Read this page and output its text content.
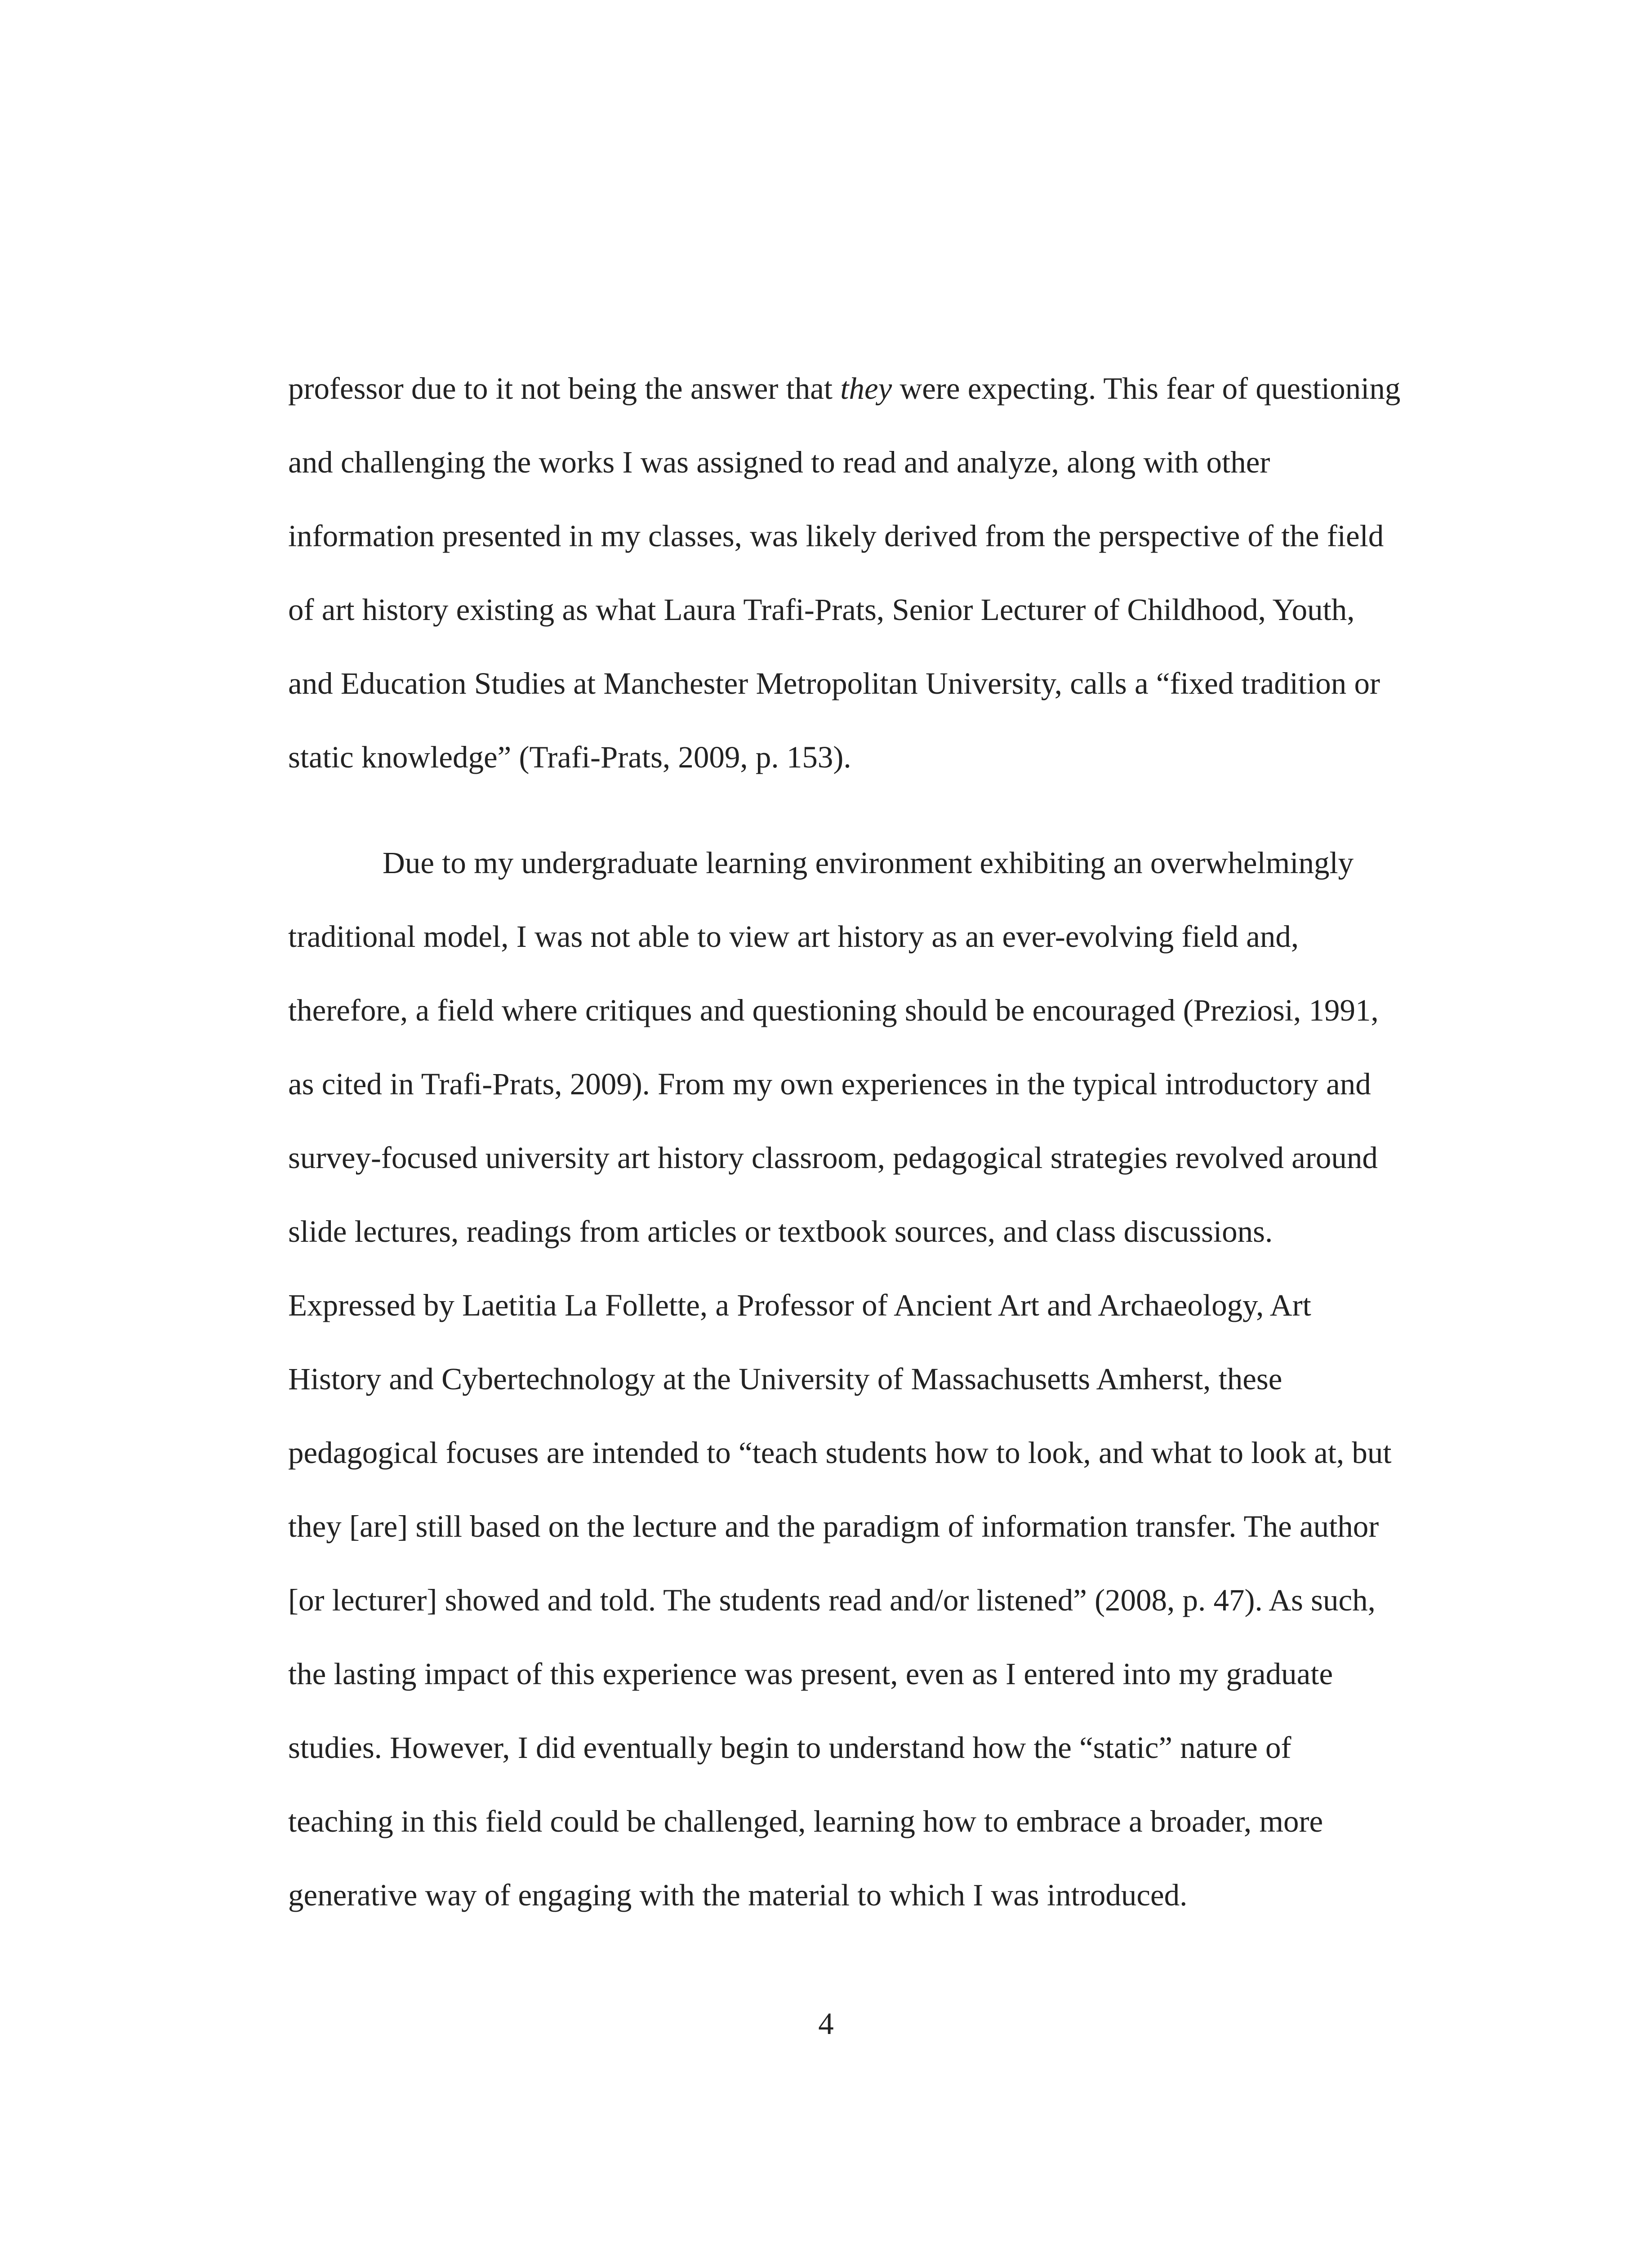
professor due to it not being the answer that they were expecting. This fear of questioning
and challenging the works I was assigned to read and analyze, along with other
information presented in my classes, was likely derived from the perspective of the field
of art history existing as what Laura Trafi-Prats, Senior Lecturer of Childhood, Youth,
and Education Studies at Manchester Metropolitan University, calls a “fixed tradition or
static knowledge” (Trafi-Prats, 2009, p. 153).
Due to my undergraduate learning environment exhibiting an overwhelmingly
traditional model, I was not able to view art history as an ever-evolving field and,
therefore, a field where critiques and questioning should be encouraged (Preziosi, 1991,
as cited in Trafi-Prats, 2009). From my own experiences in the typical introductory and
survey-focused university art history classroom, pedagogical strategies revolved around
slide lectures, readings from articles or textbook sources, and class discussions.
Expressed by Laetitia La Follette, a Professor of Ancient Art and Archaeology, Art
History and Cybertechnology at the University of Massachusetts Amherst, these
pedagogical focuses are intended to “teach students how to look, and what to look at, but
they [are] still based on the lecture and the paradigm of information transfer. The author
[or lecturer] showed and told. The students read and/or listened” (2008, p. 47). As such,
the lasting impact of this experience was present, even as I entered into my graduate
studies. However, I did eventually begin to understand how the “static” nature of
teaching in this field could be challenged, learning how to embrace a broader, more
generative way of engaging with the material to which I was introduced.
4
